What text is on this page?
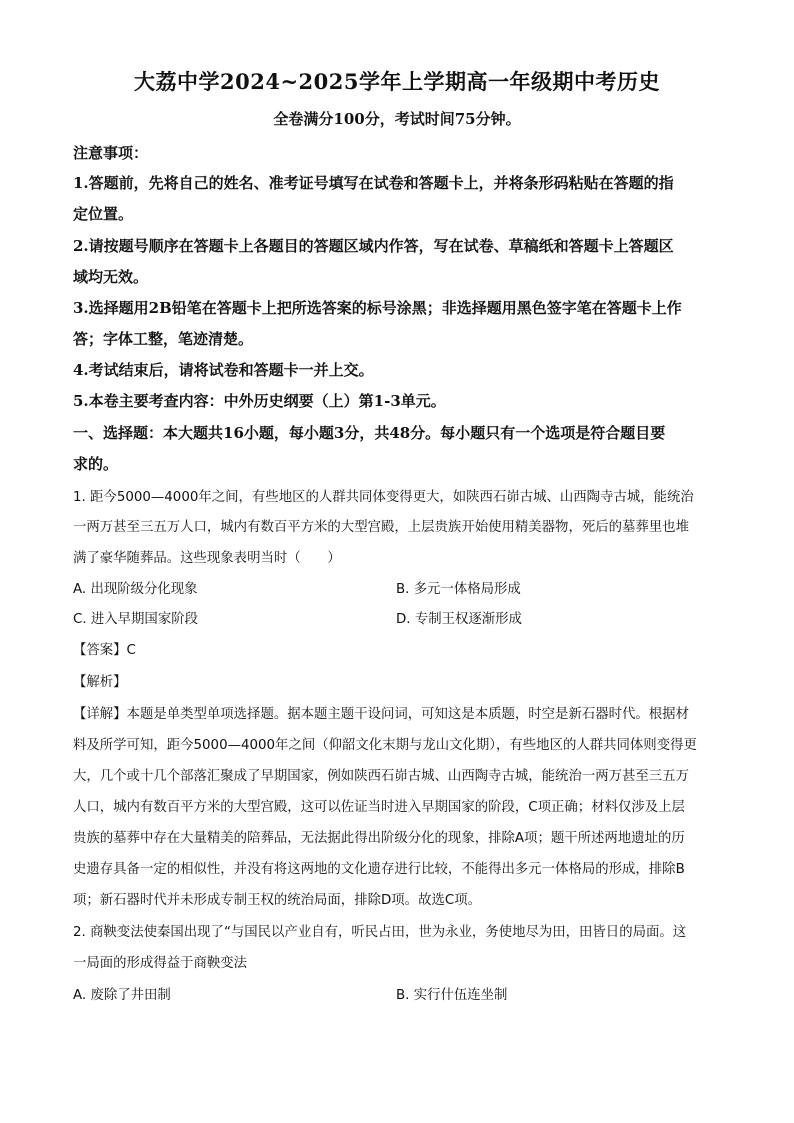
大荔中学2024~2025学年上学期高一年级期中考历史
全卷满分100分，考试时间75分钟。
注意事项：
1.答题前，先将自己的姓名、准考证号填写在试卷和答题卡上，并将条形码粘贴在答题的指
定位置。
2.请按题号顺序在答题卡上各题目的答题区域内作答，写在试卷、草稿纸和答题卡上答题区
域均无效。
3.选择题用2B铅笔在答题卡上把所选答案的标号涂黑；非选择题用黑色签字笔在答题卡上作
答；字体工整，笔迹清楚。
4.考试结束后，请将试卷和答题卡一并上交。
5.本卷主要考查内容：中外历史纲要（上）第1-3单元。
一、选择题：本大题共16小题，每小题3分，共48分。每小题只有一个选项是符合题目要
求的。
1. 距今5000—4000年之间，有些地区的人群共同体变得更大，如陕西石峁古城、山西陶寺古城，能统治
一两万甚至三五万人口，城内有数百平方米的大型宫殿，上层贵族开始使用精美器物，死后的墓葬里也堆
满了豪华随葬品。这些现象表明当时（　　）
A. 出现阶级分化现象	B. 多元一体格局形成
C. 进入早期国家阶段	D. 专制王权逐渐形成
【答案】C
【解析】
【详解】本题是单类型单项选择题。据本题主题干设问词，可知这是本质题，时空是新石器时代。根据材
料及所学可知，距今5000—4000年之间（仰韶文化末期与龙山文化期），有些地区的人群共同体则变得更
大，几个或十几个部落汇聚成了早期国家，例如陕西石峁古城、山西陶寺古城，能统治一两万甚至三五万
人口，城内有数百平方米的大型宫殿，这可以佐证当时进入早期国家的阶段，C项正确；材料仅涉及上层
贵族的墓葬中存在大量精美的陪葬品，无法据此得出阶级分化的现象，排除A项；题干所述两地遗址的历
史遗存具备一定的相似性，并没有将这两地的文化遗存进行比较，不能得出多元一体格局的形成，排除B
项；新石器时代并未形成专制王权的统治局面，排除D项。故选C项。
2. 商鞅变法使秦国出现了“与国民以产业自有，听民占田，世为永业，务使地尽为田，田皆日的局面。这
一局面的形成得益于商鞅变法
A. 废除了井田制	B. 实行什伍连坐制
